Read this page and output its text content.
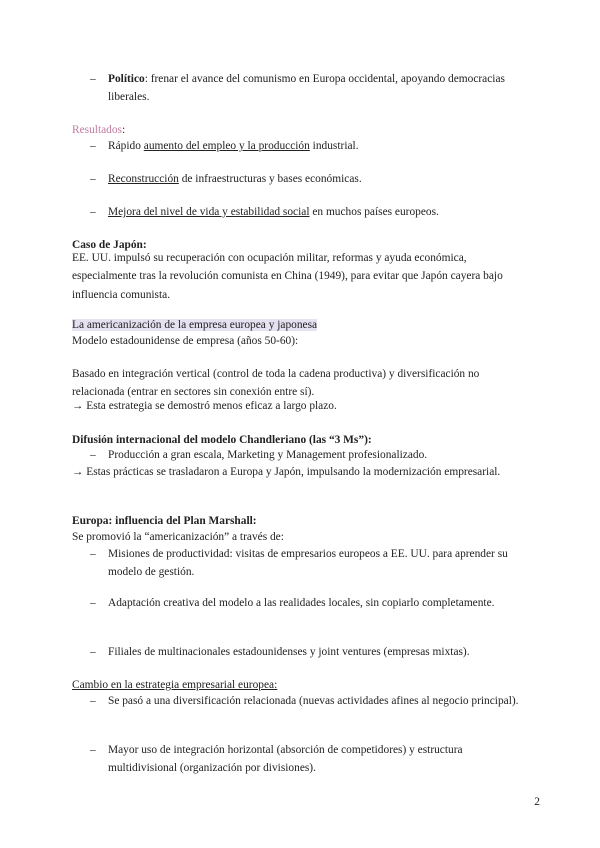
–	Político: frenar el avance del comunismo en Europa occidental, apoyando democracias liberales.
Resultados:
–	Rápido aumento del empleo y la producción industrial.
–	Reconstrucción de infraestructuras y bases económicas.
–	Mejora del nivel de vida y estabilidad social en muchos países europeos.
Caso de Japón:
EE. UU. impulsó su recuperación con ocupación militar, reformas y ayuda económica, especialmente tras la revolución comunista en China (1949), para evitar que Japón cayera bajo influencia comunista.
La americanización de la empresa europea y japonesa
Modelo estadounidense de empresa (años 50-60):
Basado en integración vertical (control de toda la cadena productiva) y diversificación no relacionada (entrar en sectores sin conexión entre sí).
→ Esta estrategia se demostró menos eficaz a largo plazo.
Difusión internacional del modelo Chandleriano (las “3 Ms”):
–	Producción a gran escala, Marketing y Management profesionalizado.
→ Estas prácticas se trasladaron a Europa y Japón, impulsando la modernización empresarial.
Europa: influencia del Plan Marshall:
Se promovió la “americanización” a través de:
–	Misiones de productividad: visitas de empresarios europeos a EE. UU. para aprender su modelo de gestión.
–	Adaptación creativa del modelo a las realidades locales, sin copiarlo completamente.
–	Filiales de multinacionales estadounidenses y joint ventures (empresas mixtas).
Cambio en la estrategia empresarial europea:
–	Se pasó a una diversificación relacionada (nuevas actividades afines al negocio principal).
–	Mayor uso de integración horizontal (absorción de competidores) y estructura multidivisional (organización por divisiones).
2
